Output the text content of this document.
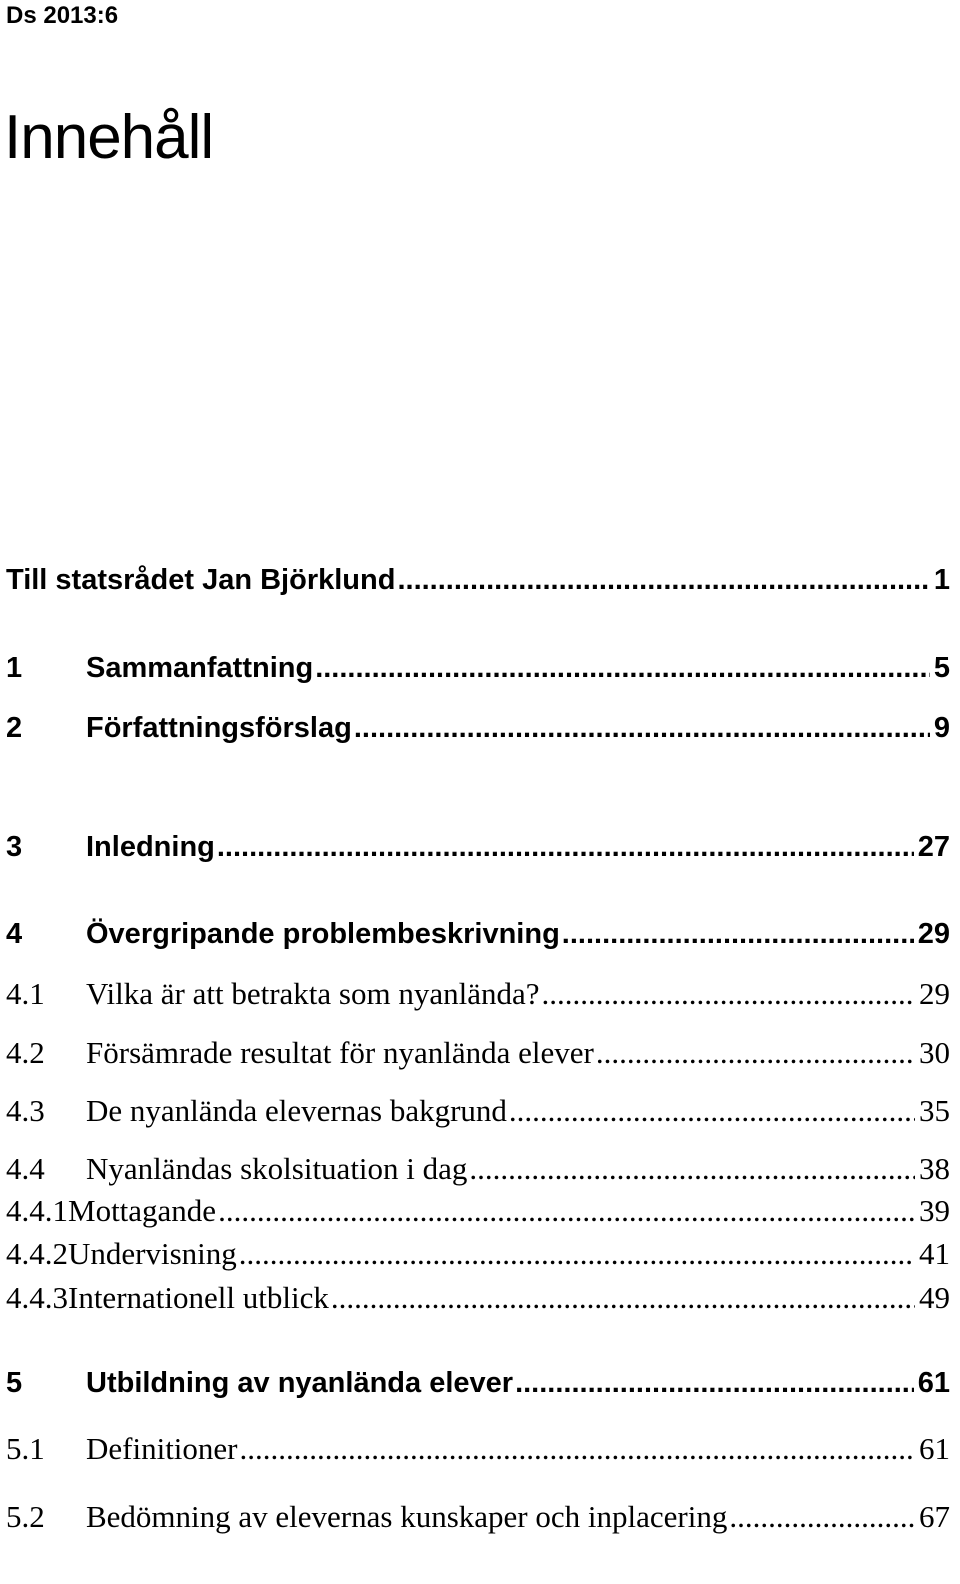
Ds 2013:6
Innehåll
Till statsrådet Jan Björklund .....	1
1	Sammanfattning .....	5
2	Författningsförslag .....	9
3	Inledning .....	27
4	Övergripande problembeskrivning .....	29
4.1	Vilka är att betrakta som nyanlända? .....	29
4.2	Försämrade resultat för nyanlända elever .....	30
4.3	De nyanlända elevernas bakgrund .....	35
4.4	Nyanländas skolsituation i dag .....	38
4.4.1 Mottagande .....	39
4.4.2 Undervisning .....	41
4.4.3 Internationell utblick .....	49
5	Utbildning av nyanlända elever .....	61
5.1	Definitioner .....	61
5.2	Bedömning av elevernas kunskaper och inplacering .....	67
